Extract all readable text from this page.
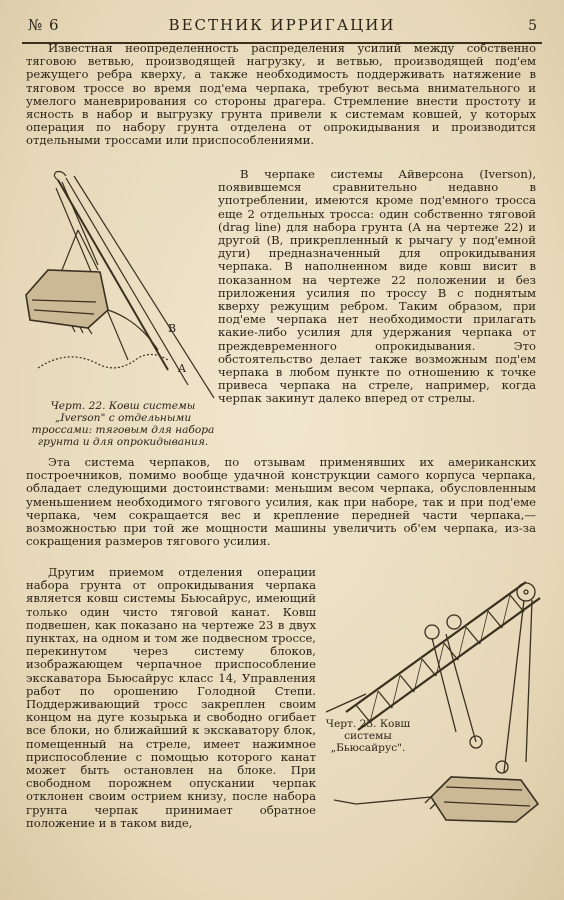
№ 6	ВЕСТНИК ИРРИГАЦИИ	5
Известная неопределенность распределения усилий между собственно тяговою ветвью, производящей нагрузку, и ветвью, производящей под'ем режущего ребра кверху, а также необходимость поддерживать натяжение в тяговом троссе во время под'ема черпака, требуют весьма внимательного и умелого маневрирования со стороны драгера. Стремление внести простоту и ясность в набор и выгрузку грунта привели к системам ковшей, у которых операция по набору грунта отделена от опрокидывания и производится отдельными троссами или приспособлениями.
B
A
В черпаке системы Айверсона (Iverson), появившемся сравнительно недавно в употреблении, имеются кроме под'емного тросса еще 2 отдельных тросса: один собственно тяговой (drag line) для набора грунта (А на чертеже 22) и другой (В, прикрепленный к рычагу у под'емной дуги) предназначенный для опрокидывания черпака. В наполненном виде ковш висит в показанном на чертеже 22 положении и без приложения усилия по троссу В с поднятым кверху режущим ребром. Таким образом, при под'еме черпака нет необходимости прилагать какие-либо усилия для удержания черпака от преждевременного опрокидывания. Это обстоятельство делает также возможным под'ем черпака в любом пункте по отношению к точке привеса черпака на стреле, например, когда черпак закинут далеко вперед от стрелы.
Черт. 22. Ковш системы „Iverson" с отдельными троссами: тяговым для набора грунта и для опрокидывания.
Эта система черпаков, по отзывам применявших их американских построечников, помимо вообще удачной конструкции самого корпуса черпака, обладает следующими достоинствами: меньшим весом черпака, обусловленным уменьшением необходимого тягового усилия, как при наборе, так и при под'еме черпака, чем сокращается вес и крепление передней части черпака,—возможностью при той же мощности машины увеличить об'ем черпака, из-за сокращения размеров тягового усилия.
Другим приемом отделения операции набора грунта от опрокидывания черпака является ковш системы Бьюсайрус, имеющий только один чисто тяговой канат. Ковш подвешен, как показано на чертеже 23 в двух пунктах, на одном и том же подвесном троссе, перекинутом через систему блоков, изображающем черпачное приспособление экскаватора Бьюсайрус класс 14, Управления работ по орошению Голодной Степи. Поддерживающий тросс закреплен своим концом на дуге козырька и свободно огибает все блоки, но ближайший к экскаватору блок, помещенный на стреле, имеет нажимное приспособление с помощью которого канат может быть остановлен на блоке. При свободном порожнем опускании черпак отклонен своим острием книзу, после набора грунта черпак принимает обратное положение и в таком виде,
Черт. 23. Ковш системы „Бьюсайрус".
